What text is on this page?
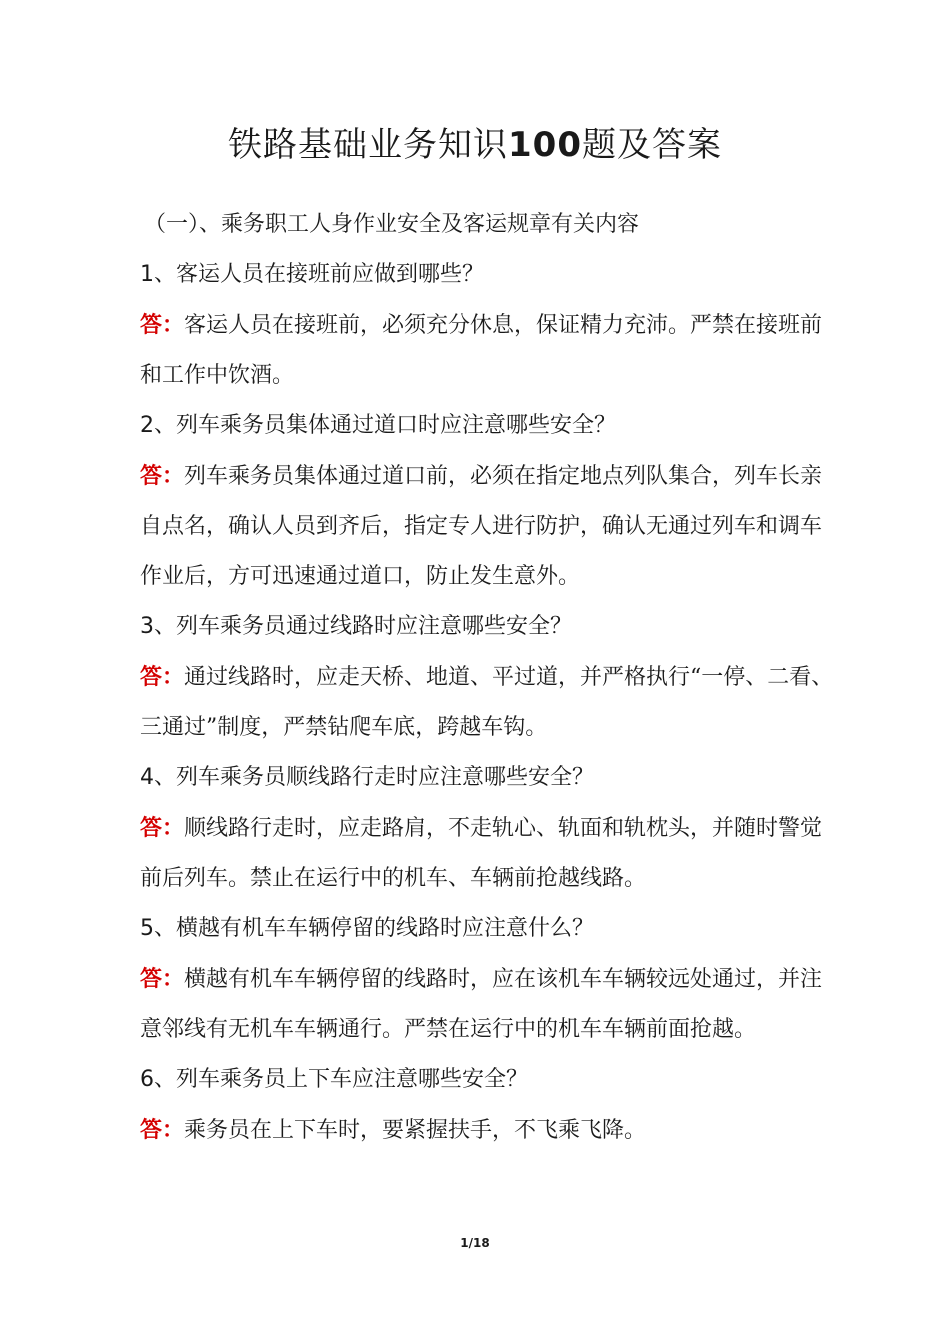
铁路基础业务知识100题及答案

（一）、乘务职工人身作业安全及客运规章有关内容

1、客运人员在接班前应做到哪些？

答：客运人员在接班前，必须充分休息，保证精力充沛。严禁在接班前和工作中饮酒。

2、列车乘务员集体通过道口时应注意哪些安全？

答：列车乘务员集体通过道口前，必须在指定地点列队集合，列车长亲自点名，确认人员到齐后，指定专人进行防护，确认无通过列车和调车作业后，方可迅速通过道口，防止发生意外。

3、列车乘务员通过线路时应注意哪些安全？

答：通过线路时，应走天桥、地道、平过道，并严格执行“一停、二看、三通过”制度，严禁钻爬车底，跨越车钩。

4、列车乘务员顺线路行走时应注意哪些安全？

答：顺线路行走时，应走路肩，不走轨心、轨面和轨枕头，并随时警觉前后列车。禁止在运行中的机车、车辆前抢越线路。

5、横越有机车车辆停留的线路时应注意什么？

答：横越有机车车辆停留的线路时，应在该机车车辆较远处通过，并注意邻线有无机车车辆通行。严禁在运行中的机车车辆前面抢越。

6、列车乘务员上下车应注意哪些安全？

答：乘务员在上下车时，要紧握扶手，不飞乘飞降。

1/18
